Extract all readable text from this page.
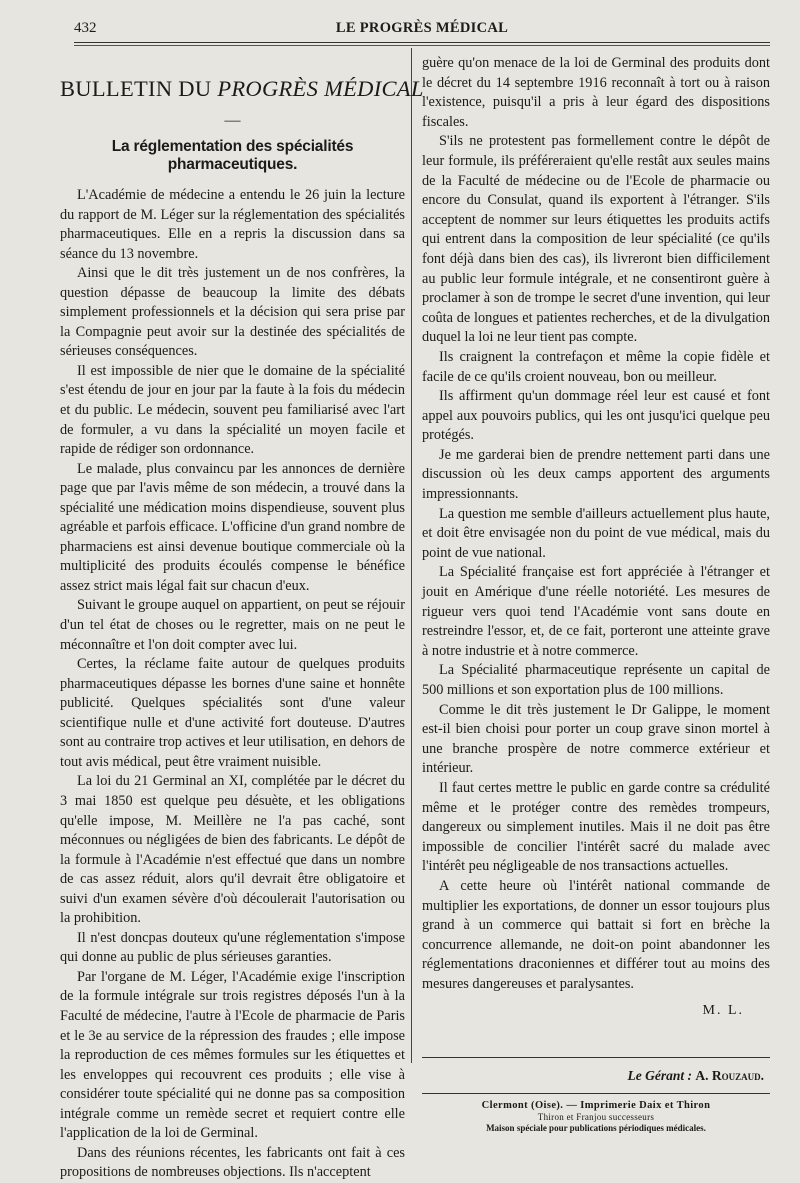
432	LE PROGRÈS MÉDICAL
BULLETIN DU PROGRÈS MÉDICAL
—
La réglementation des spécialités pharmaceutiques.

L'Académie de médecine a entendu le 26 juin la lecture du rapport de M. Léger sur la réglementation des spécialités pharmaceutiques. Elle en a repris la discussion dans sa séance du 13 novembre.

Ainsi que le dit très justement un de nos confrères, la question dépasse de beaucoup la limite des débats simplement professionnels et la décision qui sera prise par la Compagnie peut avoir sur la destinée des spécialités de sérieuses conséquences.

Il est impossible de nier que le domaine de la spécialité s'est étendu de jour en jour par la faute à la fois du médecin et du public. Le médecin, souvent peu familiarisé avec l'art de formuler, a vu dans la spécialité un moyen facile et rapide de rédiger son ordonnance.

Le malade, plus convaincu par les annonces de dernière page que par l'avis même de son médecin, a trouvé dans la spécialité une médication moins dispendieuse, souvent plus agréable et parfois efficace. L'officine d'un grand nombre de pharmaciens est ainsi devenue boutique commerciale où la multiplicité des produits écoulés compense le bénéfice assez strict mais légal fait sur chacun d'eux.

Suivant le groupe auquel on appartient, on peut se réjouir d'un tel état de choses ou le regretter, mais on ne peut le méconnaître et l'on doit compter avec lui.

Certes, la réclame faite autour de quelques produits pharmaceutiques dépasse les bornes d'une saine et honnête publicité. Quelques spécialités sont d'une valeur scientifique nulle et d'une activité fort douteuse. D'autres sont au contraire trop actives et leur utilisation, en dehors de tout avis médical, peut être vraiment nuisible.

La loi du 21 Germinal an XI, complétée par le décret du 3 mai 1850 est quelque peu désuète, et les obligations qu'elle impose, M. Meillère ne l'a pas caché, sont méconnues ou négligées de bien des fabricants. Le dépôt de la formule à l'Académie n'est effectué que dans un nombre de cas assez réduit, alors qu'il devrait être obligatoire et suivi d'un examen sévère d'où découlerait l'autorisation ou la prohibition.

Il n'est doncpas douteux qu'une réglementation s'impose qui donne au public de plus sérieuses garanties.

Par l'organe de M. Léger, l'Académie exige l'inscription de la formule intégrale sur trois registres déposés l'un à la Faculté de médecine, l'autre à l'Ecole de pharmacie de Paris et le 3e au service de la répression des fraudes ; elle impose la reproduction de ces mêmes formules sur les étiquettes et les enveloppes qui recouvrent ces produits ; elle vise à considérer toute spécialité qui ne donne pas sa composition intégrale comme un remède secret et requiert contre elle l'application de la loi de Germinal.

Dans des réunions récentes, les fabricants ont fait à ces propositions de nombreuses objections. Ils n'acceptent

guère qu'on menace de la loi de Germinal des produits dont le décret du 14 septembre 1916 reconnaît à tort ou à raison l'existence, puisqu'il a pris à leur égard des dispositions fiscales.

S'ils ne protestent pas formellement contre le dépôt de leur formule, ils préféreraient qu'elle restât aux seules mains de la Faculté de médecine ou de l'Ecole de pharmacie ou encore du Consulat, quand ils exportent à l'étranger. S'ils acceptent de nommer sur leurs étiquettes les produits actifs qui entrent dans la composition de leur spécialité (ce qu'ils font déjà dans bien des cas), ils livreront bien difficilement au public leur formule intégrale, et ne consentiront guère à proclamer à son de trompe le secret d'une invention, qui leur coûta de longues et patientes recherches, et de la divulgation duquel la loi ne leur tient pas compte.

Ils craignent la contrefaçon et même la copie fidèle et facile de ce qu'ils croient nouveau, bon ou meilleur.

Ils affirment qu'un dommage réel leur est causé et font appel aux pouvoirs publics, qui les ont jusqu'ici quelque peu protégés.

Je me garderai bien de prendre nettement parti dans une discussion où les deux camps apportent des arguments impressionnants.

La question me semble d'ailleurs actuellement plus haute, et doit être envisagée non du point de vue médical, mais du point de vue national.

La Spécialité française est fort appréciée à l'étranger et jouit en Amérique d'une réelle notoriété. Les mesures de rigueur vers quoi tend l'Académie vont sans doute en restreindre l'essor, et, de ce fait, porteront une atteinte grave à notre industrie et à notre commerce.

La Spécialité pharmaceutique représente un capital de 500 millions et son exportation plus de 100 millions.

Comme le dit très justement le Dr Galippe, le moment est-il bien choisi pour porter un coup grave sinon mortel à une branche prospère de notre commerce extérieur et intérieur.

Il faut certes mettre le public en garde contre sa crédulité même et le protéger contre des remèdes trompeurs, dangereux ou simplement inutiles. Mais il ne doit pas être impossible de concilier l'intérêt sacré du malade avec l'intérêt peu négligeable de nos transactions actuelles.

A cette heure où l'intérêt national commande de multiplier les exportations, de donner un essor toujours plus grand à un commerce qui battait si fort en brèche la concurrence allemande, ne doit-on point abandonner les réglementations draconiennes et différer tout au moins des mesures dangereuses et paralysantes.

M. L.
Le Gérant : A. Rouzaud.
Clermont (Oise). — Imprimerie Daix et Thiron
Thiron et Franjou successeurs
Maison spéciale pour publications périodiques médicales.
